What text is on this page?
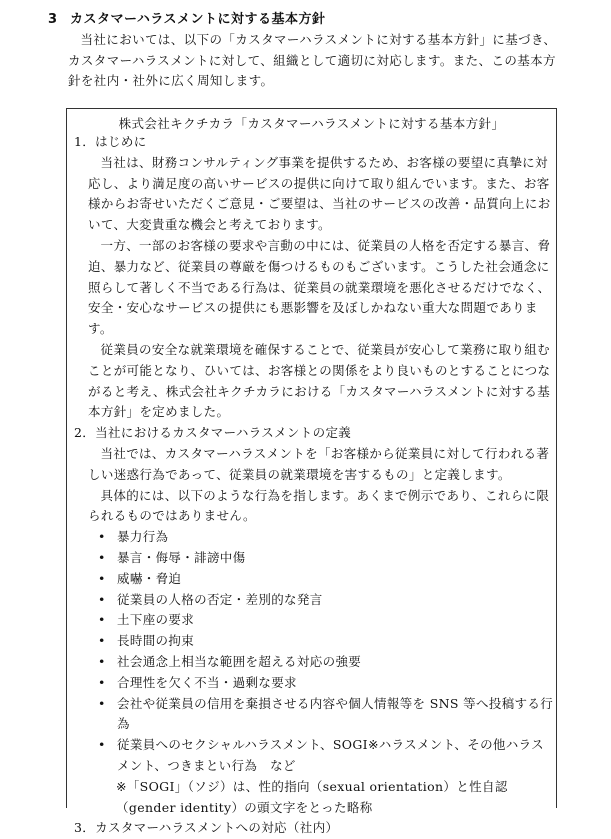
3 カスタマーハラスメントに対する基本方針

当社においては、以下の「カスタマーハラスメントに対する基本方針」に基づき、カスタマーハラスメントに対して、組織として適切に対応します。また、この基本方針を社内・社外に広く周知します。

株式会社キクチカラ「カスタマーハラスメントに対する基本方針」

1．はじめに

当社は、財務コンサルティング事業を提供するため、お客様の要望に真摯に対応し、より満足度の高いサービスの提供に向けて取り組んでいます。また、お客様からお寄せいただくご意見・ご要望は、当社のサービスの改善・品質向上において、大変貴重な機会と考えております。

一方、一部のお客様の要求や言動の中には、従業員の人格を否定する暴言、脅迫、暴力など、従業員の尊厳を傷つけるものもございます。こうした社会通念に照らして著しく不当である行為は、従業員の就業環境を悪化させるだけでなく、安全・安心なサービスの提供にも悪影響を及ぼしかねない重大な問題であります。

従業員の安全な就業環境を確保することで、従業員が安心して業務に取り組むことが可能となり、ひいては、お客様との関係をより良いものとすることにつながると考え、株式会社キクチカラにおける「カスタマーハラスメントに対する基本方針」を定めました。

2．当社におけるカスタマーハラスメントの定義

当社では、カスタマーハラスメントを「お客様から従業員に対して行われる著しい迷惑行為であって、従業員の就業環境を害するもの」と定義します。

具体的には、以下のような行為を指します。あくまで例示であり、これらに限られるものではありません。

• 暴力行為
• 暴言・侮辱・誹謗中傷
• 威嚇・脅迫
• 従業員の人格の否定・差別的な発言
• 土下座の要求
• 長時間の拘束
• 社会通念上相当な範囲を超える対応の強要
• 合理性を欠く不当・過剰な要求
• 会社や従業員の信用を棄損させる内容や個人情報等を SNS 等へ投稿する行為
• 従業員へのセクシャルハラスメント、SOGI※ハラスメント、その他ハラスメント、つきまとい行為　など

※「SOGI」（ソジ）は、性的指向（sexual orientation）と性自認（gender identity）の頭文字をとった略称

3．カスタマーハラスメントへの対応（社内）
